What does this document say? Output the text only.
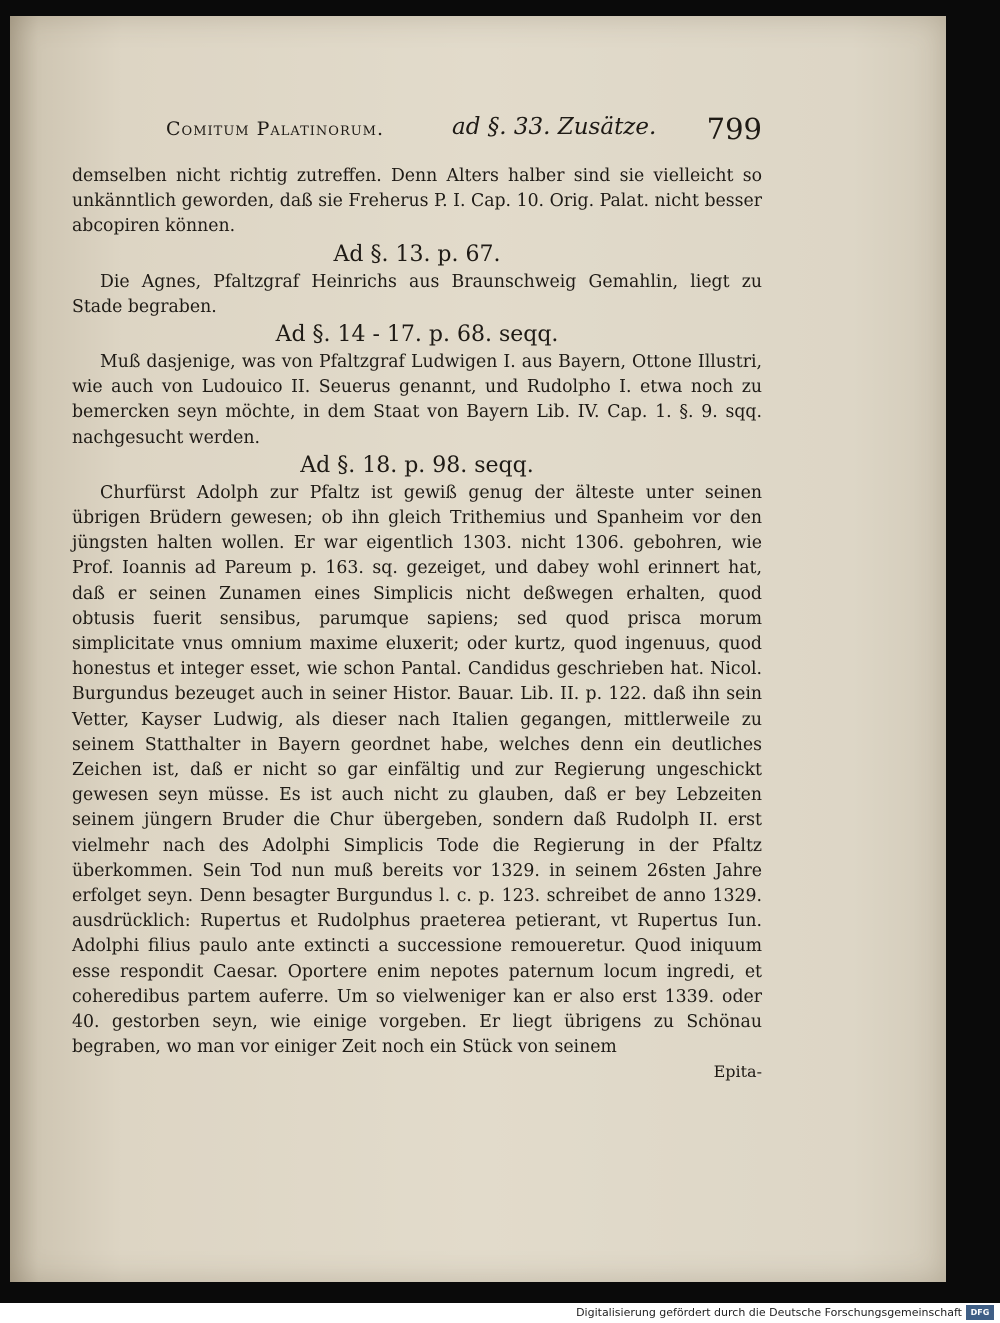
Comitum Palatinorum.	ad §. 33. Zusätze. 799

demselben nicht richtig zutreffen. Denn Alters halber sind sie vielleicht so unkänntlich geworden, daß sie Freherus P. I. Cap. 10. Orig. Palat. nicht besser abcopiren können.

Ad §. 13. p. 67.

Die Agnes, Pfaltzgraf Heinrichs aus Braunschweig Gemahlin, liegt zu Stade begraben.

Ad §. 14 - 17. p. 68. seqq.

Muß dasjenige, was von Pfaltzgraf Ludwigen I. aus Bayern, Ottone Illustri, wie auch von Ludouico II. Seuerus genannt, und Rudolpho I. etwa noch zu bemercken seyn möchte, in dem Staat von Bayern Lib. IV. Cap. 1. §. 9. sqq. nachgesucht werden.

Ad §. 18. p. 98. seqq.

Churfürst Adolph zur Pfaltz ist gewiß genug der älteste unter seinen übrigen Brüdern gewesen; ob ihn gleich Trithemius und Spanheim vor den jüngsten halten wollen. Er war eigentlich 1303. nicht 1306. gebohren, wie Prof. Ioannis ad Pareum p. 163. sq. gezeiget, und dabey wohl erinnert hat, daß er seinen Zunamen eines Simplicis nicht deßwegen erhalten, quod obtusis fuerit sensibus, parumque sapiens; sed quod prisca morum simplicitate vnus omnium maxime eluxerit; oder kurtz, quod ingenuus, quod honestus et integer esset, wie schon Pantal. Candidus geschrieben hat. Nicol. Burgundus bezeuget auch in seiner Histor. Bauar. Lib. II. p. 122. daß ihn sein Vetter, Kayser Ludwig, als dieser nach Italien gegangen, mittlerweile zu seinem Statthalter in Bayern geordnet habe, welches denn ein deutliches Zeichen ist, daß er nicht so gar einfältig und zur Regierung ungeschickt gewesen seyn müsse. Es ist auch nicht zu glauben, daß er bey Lebzeiten seinem jüngern Bruder die Chur übergeben, sondern daß Rudolph II. erst vielmehr nach des Adolphi Simplicis Tode die Regierung in der Pfaltz überkommen. Sein Tod nun muß bereits vor 1329. in seinem 26sten Jahre erfolget seyn. Denn besagter Burgundus l. c. p. 123. schreibet de anno 1329. ausdrücklich: Rupertus et Rudolphus praeterea petierant, vt Rupertus Iun. Adolphi filius paulo ante extincti a successione remoueretur. Quod iniquum esse respondit Caesar. Oportere enim nepotes paternum locum ingredi, et coheredibus partem auferre. Um so vielweniger kan er also erst 1339. oder 40. gestorben seyn, wie einige vorgeben. Er liegt übrigens zu Schönau begraben, wo man vor einiger Zeit noch ein Stück von seinem

Epita-

Digitalisierung gefördert durch die Deutsche Forschungsgemeinschaft	DFG
